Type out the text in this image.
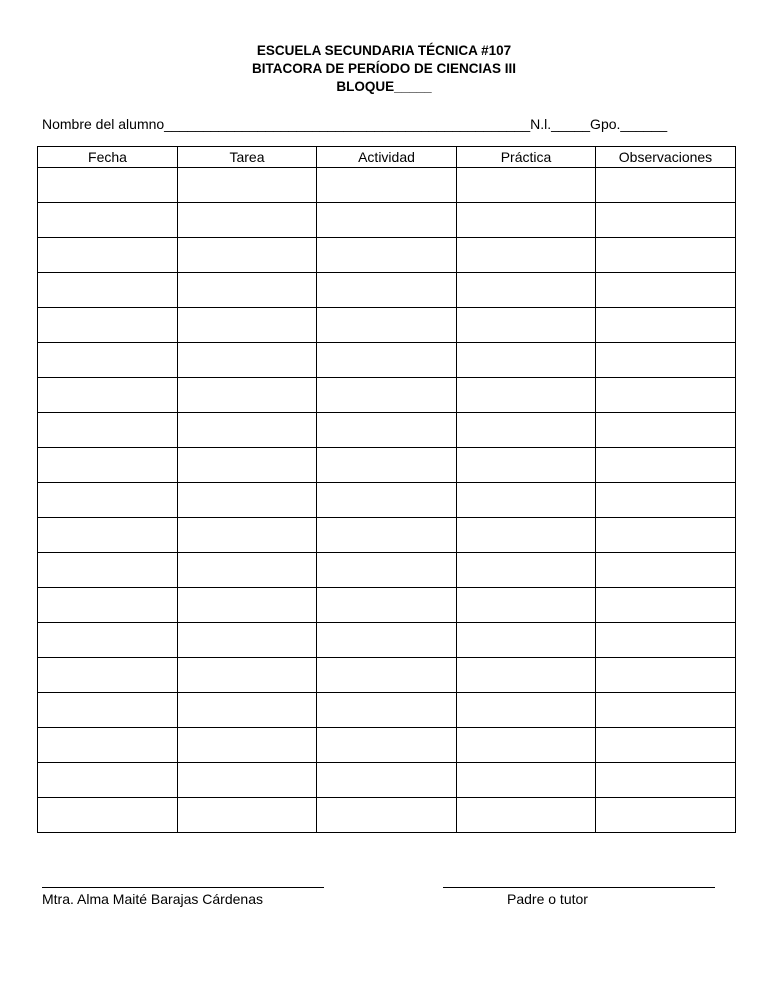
ESCUELA SECUNDARIA TÉCNICA #107
BITACORA DE PERÍODO DE CIENCIAS III
BLOQUE_____
Nombre del alumno_______________________________________________N.l._____Gpo.______
Fecha	Tarea	Actividad	Práctica	Observaciones

Mtra. Alma Maité Barajas Cárdenas	Padre o tutor
